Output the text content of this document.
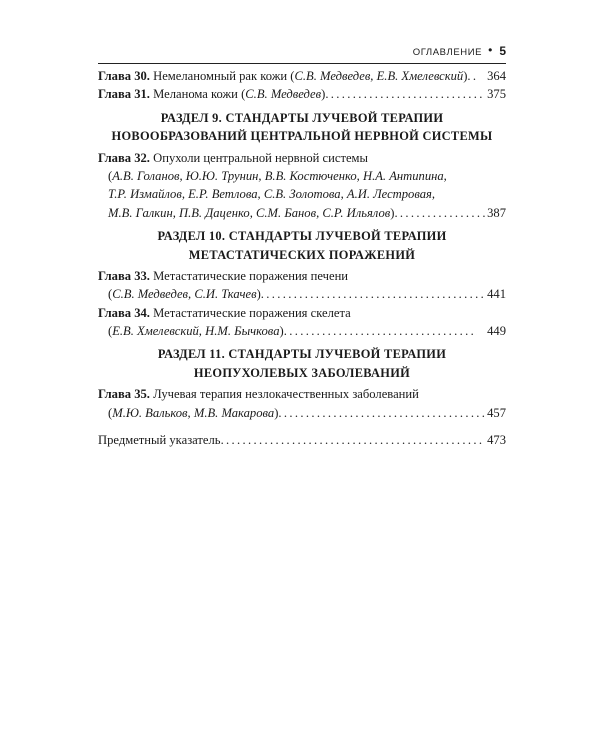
ОГЛАВЛЕНИЕ • 5
Глава 30. Немеланомный рак кожи (С.В. Медведев, Е.В. Хмелевский) . . .	364
Глава 31. Меланома кожи (С.В. Медведев) . . .	375
РАЗДЕЛ 9. СТАНДАРТЫ ЛУЧЕВОЙ ТЕРАПИИ
НОВООБРАЗОВАНИЙ ЦЕНТРАЛЬНОЙ НЕРВНОЙ СИСТЕМЫ
Глава 32. Опухоли центральной нервной системы
(А.В. Голанов, Ю.Ю. Трунин, В.В. Костюченко, Н.А. Антипина,
Т.Р. Измайлов, Е.Р. Ветлова, С.В. Золотова, А.И. Лестровая,
М.В. Галкин, П.В. Даценко, С.М. Банов, С.Р. Ильялов) . . .	387
РАЗДЕЛ 10. СТАНДАРТЫ ЛУЧЕВОЙ ТЕРАПИИ
МЕТАСТАТИЧЕСКИХ ПОРАЖЕНИЙ
Глава 33. Метастатические поражения печени
(С.В. Медведев, С.И. Ткачев) . . .	441
Глава 34. Метастатические поражения скелета
(Е.В. Хмелевский, Н.М. Бычкова) . . .	449
РАЗДЕЛ 11. СТАНДАРТЫ ЛУЧЕВОЙ ТЕРАПИИ
НЕОПУХОЛЕВЫХ ЗАБОЛЕВАНИЙ
Глава 35. Лучевая терапия незлокачественных заболеваний
(М.Ю. Вальков, М.В. Макарова) . . .	457
Предметный указатель . . .	473
